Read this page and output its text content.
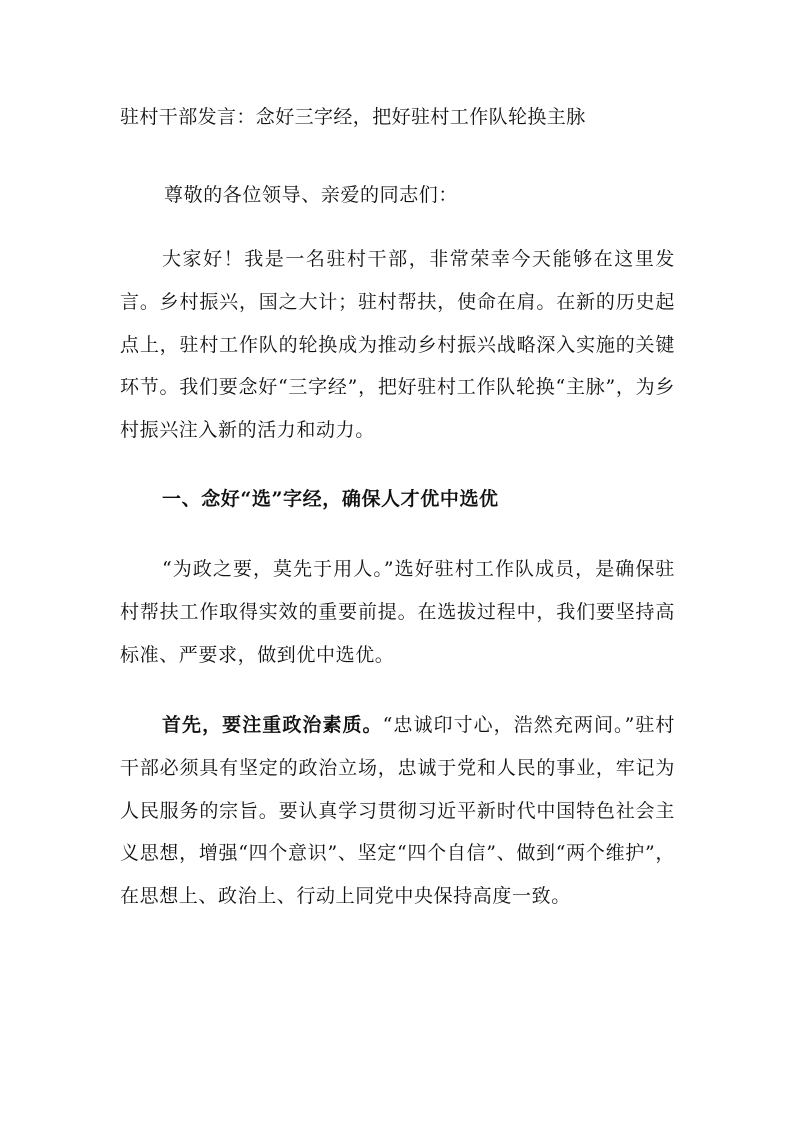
驻村干部发言：念好三字经，把好驻村工作队轮换主脉

尊敬的各位领导、亲爱的同志们：

大家好！我是一名驻村干部，非常荣幸今天能够在这里发言。乡村振兴，国之大计；驻村帮扶，使命在肩。在新的历史起点上，驻村工作队的轮换成为推动乡村振兴战略深入实施的关键环节。我们要念好“三字经”，把好驻村工作队轮换“主脉”，为乡村振兴注入新的活力和动力。

一、念好“选”字经，确保人才优中选优

“为政之要，莫先于用人。”选好驻村工作队成员，是确保驻村帮扶工作取得实效的重要前提。在选拔过程中，我们要坚持高标准、严要求，做到优中选优。

首先，要注重政治素质。“忠诚印寸心，浩然充两间。”驻村干部必须具有坚定的政治立场，忠诚于党和人民的事业，牢记为人民服务的宗旨。要认真学习贯彻习近平新时代中国特色社会主义思想，增强“四个意识”、坚定“四个自信”、做到“两个维护”，在思想上、政治上、行动上同党中央保持高度一致。
